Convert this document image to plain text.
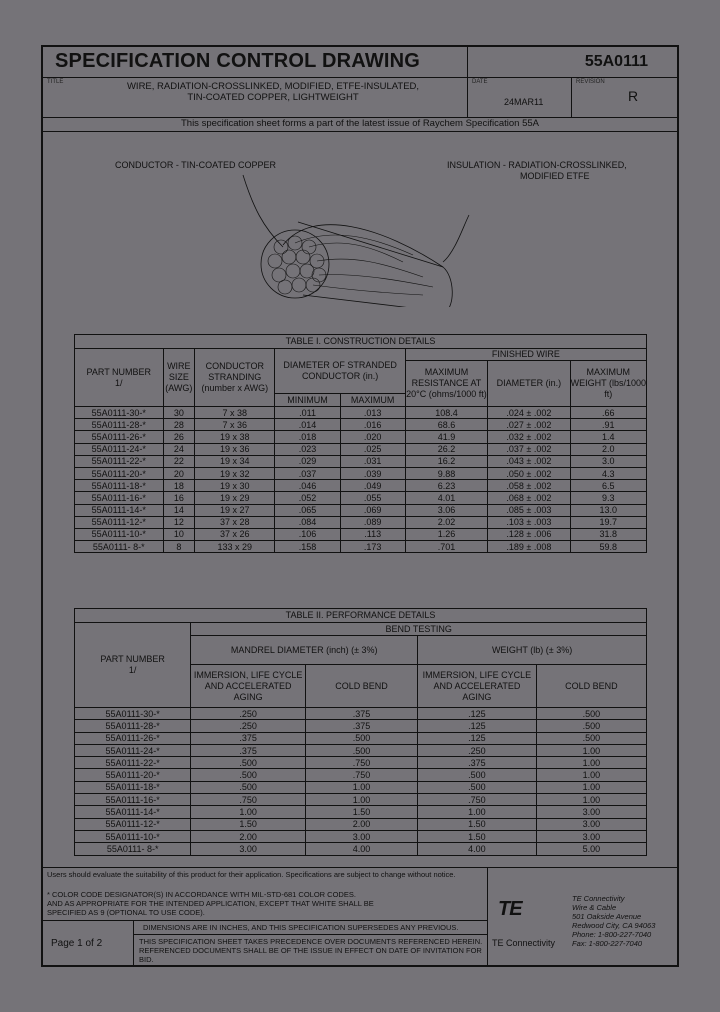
SPECIFICATION CONTROL DRAWING	55A0111
TITLE	WIRE, RADIATION-CROSSLINKED, MODIFIED, ETFE-INSULATED,
TIN-COATED COPPER, LIGHTWEIGHT
DATE
24MAR11
REVISION
R
This specification sheet forms a part of the latest issue of Raychem Specification 55A
CONDUCTOR - TIN-COATED COPPER	INSULATION - RADIATION-CROSSLINKED,
MODIFIED ETFE
TABLE I. CONSTRUCTION DETAILS							
PART NUMBER
1/	WIRE SIZE (AWG)	CONDUCTOR STRANDING (number x AWG)	DIAMETER OF STRANDED CONDUCTOR (in.)		FINISHED WIRE		
					MAXIMUM RESISTANCE AT 20°C (ohms/1000 ft)	DIAMETER (in.)	MAXIMUM WEIGHT (lbs/1000 ft)
			MINIMUM	MAXIMUM			
55A0111-30-*	30	7 x 38	.011	.013	108.4	.024 ± .002	.66
55A0111-28-*	28	7 x 36	.014	.016	68.6	.027 ± .002	.91
55A0111-26-*	26	19 x 38	.018	.020	41.9	.032 ± .002	1.4
55A0111-24-*	24	19 x 36	.023	.025	26.2	.037 ± .002	2.0
55A0111-22-*	22	19 x 34	.029	.031	16.2	.043 ± .002	3.0
55A0111-20-*	20	19 x 32	.037	.039	9.88	.050 ± .002	4.3
55A0111-18-*	18	19 x 30	.046	.049	6.23	.058 ± .002	6.5
55A0111-16-*	16	19 x 29	.052	.055	4.01	.068 ± .002	9.3
55A0111-14-*	14	19 x 27	.065	.069	3.06	.085 ± .003	13.0
55A0111-12-*	12	37 x 28	.084	.089	2.02	.103 ± .003	19.7
55A0111-10-*	10	37 x 26	.106	.113	1.26	.128 ± .006	31.8
55A0111- 8-*	8	133 x 29	.158	.173	.701	.189 ± .008	59.8
TABLE II. PERFORMANCE DETAILS				
PART NUMBER
1/	BEND TESTING			
	MANDREL DIAMETER (inch) (± 3%)		WEIGHT (lb) (± 3%)	
	IMMERSION, LIFE CYCLE AND ACCELERATED AGING	COLD BEND	IMMERSION, LIFE CYCLE AND ACCELERATED AGING	COLD BEND
55A0111-30-*	.250	.375	.125	.500
55A0111-28-*	.250	.375	.125	.500
55A0111-26-*	.375	.500	.125	.500
55A0111-24-*	.375	.500	.250	1.00
55A0111-22-*	.500	.750	.375	1.00
55A0111-20-*	.500	.750	.500	1.00
55A0111-18-*	.500	1.00	.500	1.00
55A0111-16-*	.750	1.00	.750	1.00
55A0111-14-*	1.00	1.50	1.00	3.00
55A0111-12-*	1.50	2.00	1.50	3.00
55A0111-10-*	2.00	3.00	1.50	3.00
55A0111- 8-*	3.00	4.00	4.00	5.00
Users should evaluate the suitability of this product for their application. Specifications are subject to change without notice.
* COLOR CODE DESIGNATOR(S) IN ACCORDANCE WITH MIL-STD-681 COLOR CODES.
AND AS APPROPRIATE FOR THE INTENDED APPLICATION, EXCEPT THAT WHITE SHALL BE
SPECIFIED AS 9 (OPTIONAL TO USE CODE).
Page 1 of 2
DIMENSIONS ARE IN INCHES, AND THIS SPECIFICATION SUPERSEDES ANY PREVIOUS.
THIS SPECIFICATION SHEET TAKES PRECEDENCE OVER DOCUMENTS REFERENCED HEREIN.
REFERENCED DOCUMENTS SHALL BE OF THE ISSUE IN EFFECT ON DATE OF INVITATION FOR BID.
TE
TE Connectivity
TE Connectivity
Wire & Cable
501 Oakside Avenue
Redwood City, CA 94063
Phone: 1-800-227-7040
Fax: 1-800-227-7040
